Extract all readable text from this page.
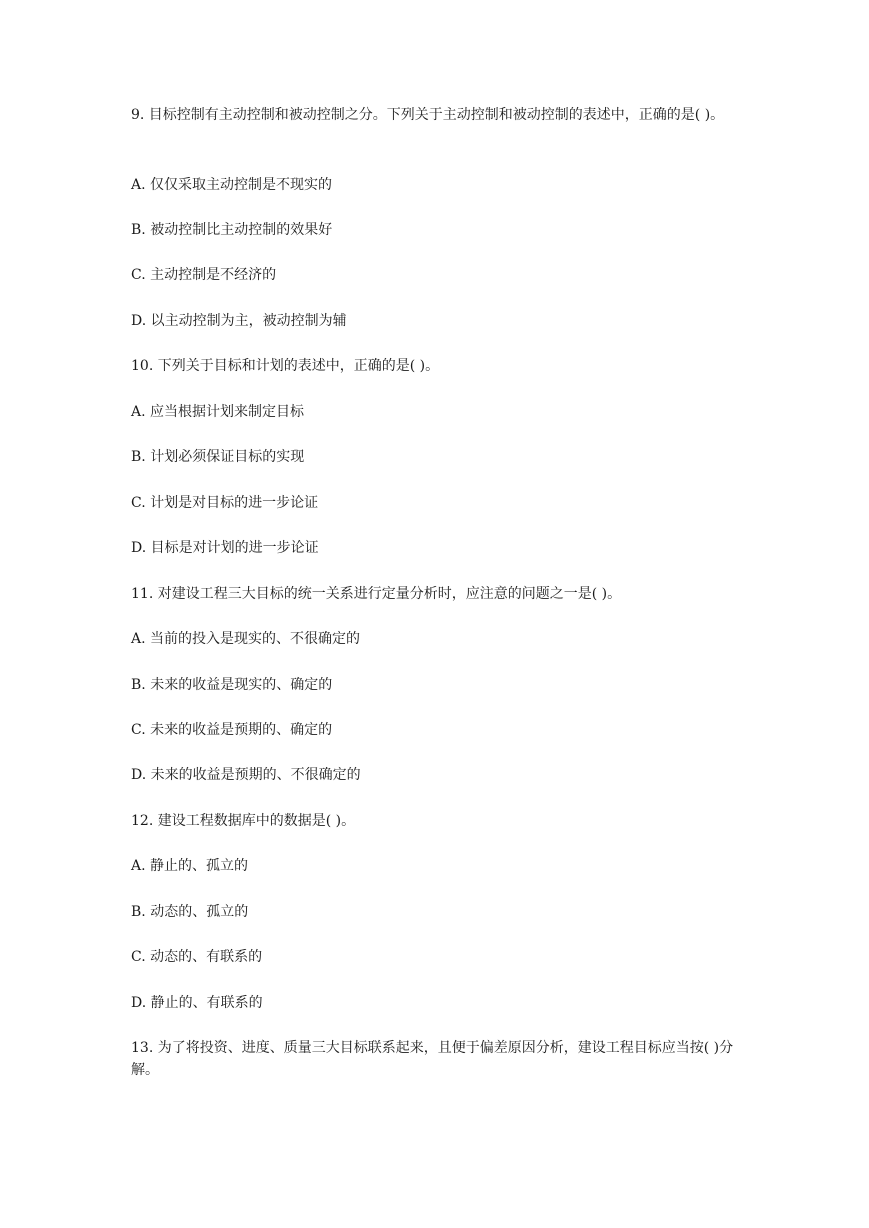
9. 目标控制有主动控制和被动控制之分。下列关于主动控制和被动控制的表述中，正确的是( )。
A. 仅仅采取主动控制是不现实的
B. 被动控制比主动控制的效果好
C. 主动控制是不经济的
D. 以主动控制为主，被动控制为辅
10. 下列关于目标和计划的表述中，正确的是( )。
A. 应当根据计划来制定目标
B. 计划必须保证目标的实现
C. 计划是对目标的进一步论证
D. 目标是对计划的进一步论证
11. 对建设工程三大目标的统一关系进行定量分析时，应注意的问题之一是( )。
A. 当前的投入是现实的、不很确定的
B. 未来的收益是现实的、确定的
C. 未来的收益是预期的、确定的
D. 未来的收益是预期的、不很确定的
12. 建设工程数据库中的数据是( )。
A. 静止的、孤立的
B. 动态的、孤立的
C. 动态的、有联系的
D. 静止的、有联系的
13. 为了将投资、进度、质量三大目标联系起来，且便于偏差原因分析，建设工程目标应当按( )分解。
